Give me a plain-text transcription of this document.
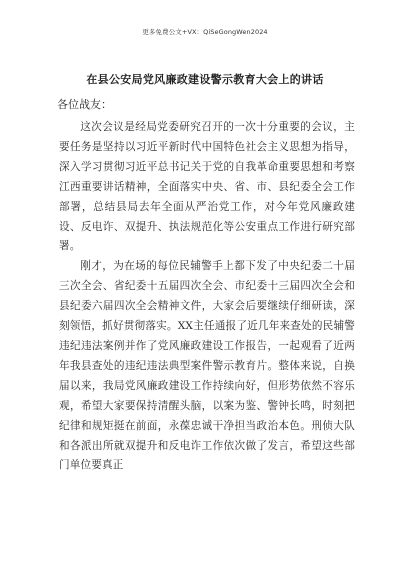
更多免费公文+VX：QiSeGongWen2024
在县公安局党风廉政建设警示教育大会上的讲话
各位战友：

这次会议是经局党委研究召开的一次十分重要的会议，主要任务是坚持以习近平新时代中国特色社会主义思想为指导，深入学习贯彻习近平总书记关于党的自我革命重要思想和考察江西重要讲话精神，全面落实中央、省、市、县纪委全会工作部署，总结县局去年全面从严治党工作，对今年党风廉政建设、反电诈、双提升、执法规范化等公安重点工作进行研究部署。

刚才，为在场的每位民辅警手上都下发了中央纪委二十届三次全会、省纪委十五届四次全会、市纪委十三届四次全会和县纪委六届四次全会精神文件，大家会后要继续仔细研读，深刻领悟，抓好贯彻落实。XX主任通报了近几年来查处的民辅警违纪违法案例并作了党风廉政建设工作报告，一起观看了近两年我县查处的违纪违法典型案件警示教育片。整体来说，自换届以来，我局党风廉政建设工作持续向好，但形势依然不容乐观，希望大家要保持清醒头脑，以案为鉴、警钟长鸣，时刻把纪律和规矩挺在前面，永葆忠诚干净担当政治本色。刑侦大队和各派出所就双提升和反电诈工作依次做了发言，希望这些部门单位要真正
